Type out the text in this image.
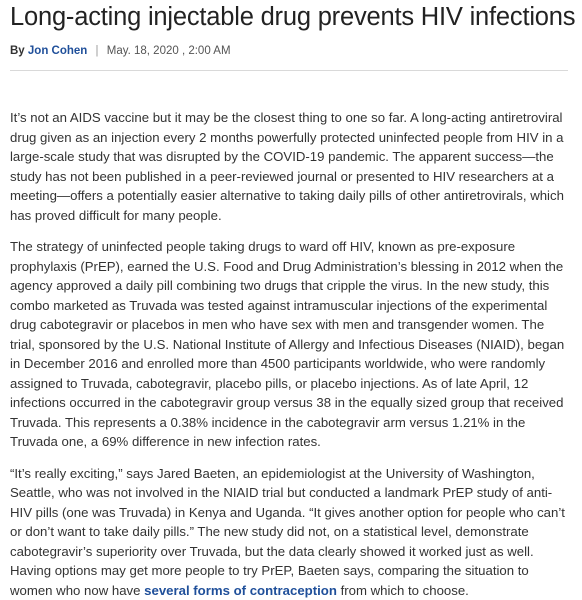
Long-acting injectable drug prevents HIV infections
By Jon Cohen | May. 18, 2020 , 2:00 AM

It’s not an AIDS vaccine but it may be the closest thing to one so far. A long-acting antiretroviral drug given as an injection every 2 months powerfully protected uninfected people from HIV in a large-scale study that was disrupted by the COVID-19 pandemic. The apparent success—the study has not been published in a peer-reviewed journal or presented to HIV researchers at a meeting—offers a potentially easier alternative to taking daily pills of other antiretrovirals, which has proved difficult for many people.

The strategy of uninfected people taking drugs to ward off HIV, known as pre-exposure prophylaxis (PrEP), earned the U.S. Food and Drug Administration’s blessing in 2012 when the agency approved a daily pill combining two drugs that cripple the virus. In the new study, this combo marketed as Truvada was tested against intramuscular injections of the experimental drug cabotegravir or placebos in men who have sex with men and transgender women. The trial, sponsored by the U.S. National Institute of Allergy and Infectious Diseases (NIAID), began in December 2016 and enrolled more than 4500 participants worldwide, who were randomly assigned to Truvada, cabotegravir, placebo pills, or placebo injections. As of late April, 12 infections occurred in the cabotegravir group versus 38 in the equally sized group that received Truvada. This represents a 0.38% incidence in the cabotegravir arm versus 1.21% in the Truvada one, a 69% difference in new infection rates.

“It’s really exciting,” says Jared Baeten, an epidemiologist at the University of Washington, Seattle, who was not involved in the NIAID trial but conducted a landmark PrEP study of anti-HIV pills (one was Truvada) in Kenya and Uganda. “It gives another option for people who can’t or don’t want to take daily pills.” The new study did not, on a statistical level, demonstrate cabotegravir’s superiority over Truvada, but the data clearly showed it worked just as well. Having options may get more people to try PrEP, Baeten says, comparing the situation to women who now have several forms of contraception from which to choose.
